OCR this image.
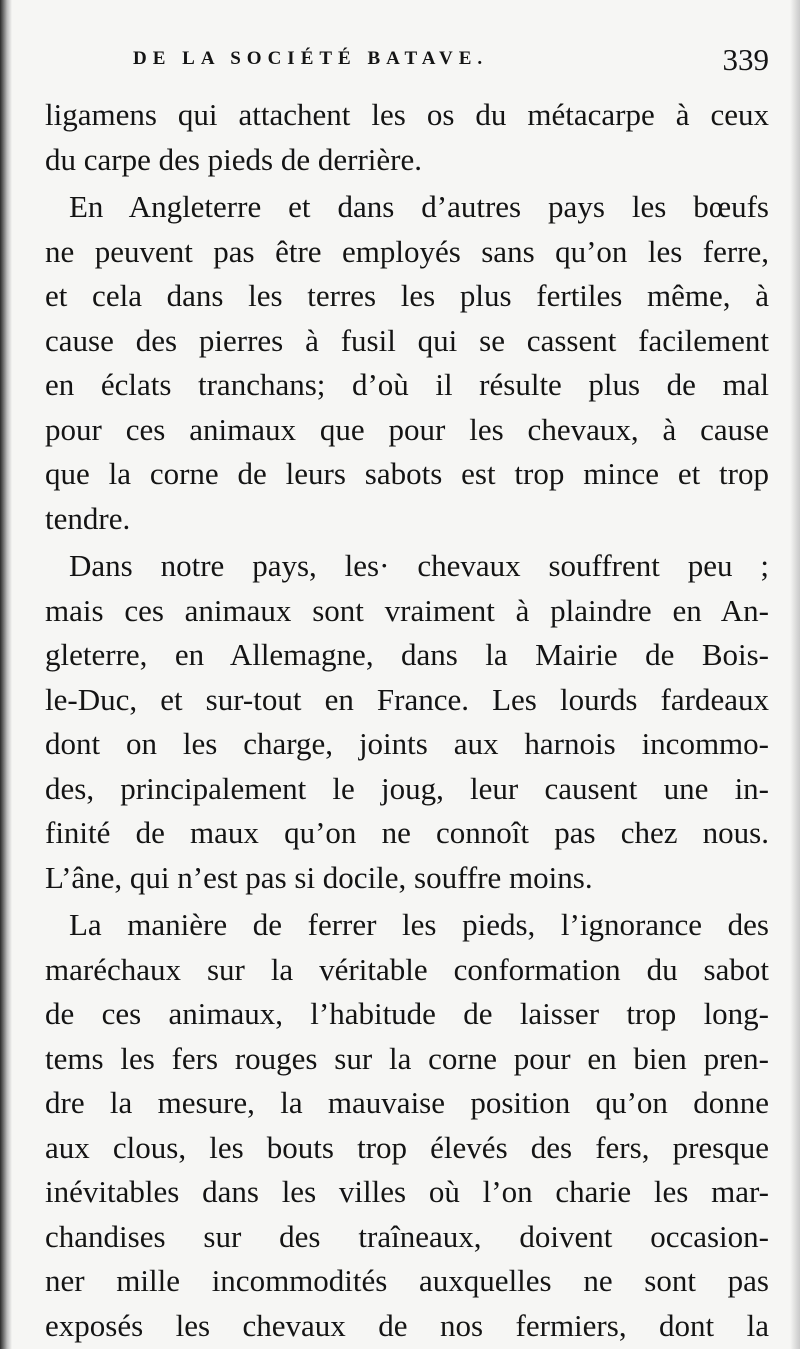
DE LA SOCIÉTÉ BATAVE.	339
ligamens qui attachent les os du métacarpe à ceux
du carpe des pieds de derrière.
En Angleterre et dans d’autres pays les bœufs
ne peuvent pas être employés sans qu’on les ferre,
et cela dans les terres les plus fertiles même, à
cause des pierres à fusil qui se cassent facilement
en éclats tranchans; d’où il résulte plus de mal
pour ces animaux que pour les chevaux, à cause
que la corne de leurs sabots est trop mince et trop
tendre.
Dans notre pays, les· chevaux souffrent peu ;
mais ces animaux sont vraiment à plaindre en An-
gleterre, en Allemagne, dans la Mairie de Bois-
le-Duc, et sur-tout en France. Les lourds fardeaux
dont on les charge, joints aux harnois incommo-
des, principalement le joug, leur causent une in-
finité de maux qu’on ne connoît pas chez nous.
L’âne, qui n’est pas si docile, souffre moins.
La manière de ferrer les pieds, l’ignorance des
maréchaux sur la véritable conformation du sabot
de ces animaux, l’habitude de laisser trop long-
tems les fers rouges sur la corne pour en bien pren-
dre la mesure, la mauvaise position qu’on donne
aux clous, les bouts trop élevés des fers, presque
inévitables dans les villes où l’on charie les mar-
chandises sur des traîneaux, doivent occasion-
ner mille incommodités auxquelles ne sont pas
exposés les chevaux de nos fermiers, dont la
